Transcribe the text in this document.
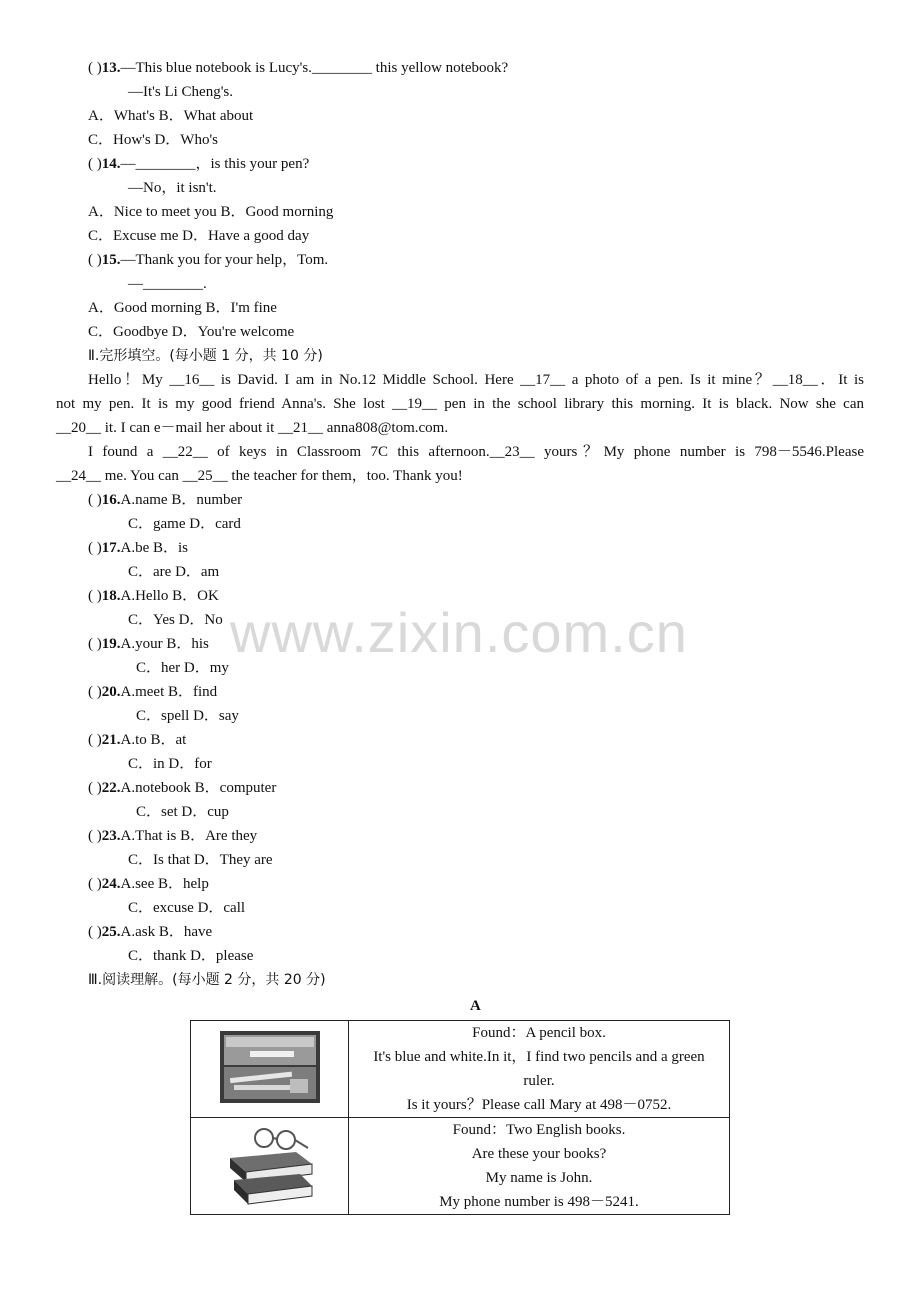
www.zixin.com.cn
( )13.—This blue notebook is Lucy's.________ this yellow notebook?
—It's Li Cheng's.
A．What's B．What about
C．How's D．Who's
( )14.—________，is this your pen?
—No，it isn't.
A．Nice to meet you B．Good morning
C．Excuse me D．Have a good day
( )15.—Thank you for your help，Tom.
—________.
A．Good morning B．I'm fine
C．Goodbye D．You're welcome
Ⅱ.完形填空。(每小题 1 分，共 10 分)
Hello！My __16__ is David. I am in No.12 Middle School. Here __17__ a photo of a pen. Is it mine？__18__．It is
not my pen. It is my good friend Anna's. She lost __19__ pen in the school library this morning. It is black. Now she can
__20__ it. I can e－mail her about it __21__ anna808@tom.com.
I found a __22__ of keys in Classroom 7C this afternoon.__23__ yours？My phone number is 798－5546.Please
__24__ me. You can __25__ the teacher for them，too. Thank you!
( )16.A.name B．number
C．game D．card
( )17.A.be B．is
C．are D．am
( )18.A.Hello B．OK
C．Yes D．No
( )19.A.your B．his
C．her D．my
( )20.A.meet B．find
C．spell D．say
( )21.A.to B．at
C．in D．for
( )22.A.notebook B．computer
C．set D．cup
( )23.A.That is B．Are they
C．Is that D．They are
( )24.A.see B．help
C．excuse D．call
( )25.A.ask B．have
C．thank D．please
Ⅲ.阅读理解。(每小题 2 分，共 20 分)
A

Found：A pencil box.
It's blue and white.In it，I find two pencils and a green
ruler.
Is it yours？Please call Mary at 498－0752.

Found：Two English books.
Are these your books?
My name is John.
My phone number is 498－5241.
